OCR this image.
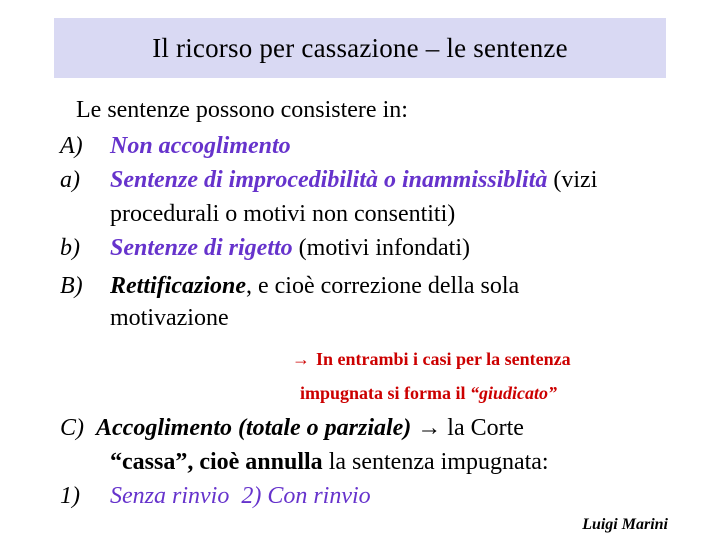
Il ricorso per cassazione – le sentenze
Le sentenze possono consistere in:
A) Non accoglimento
a) Sentenze di improcedibilità o inammissiblità (vizi
procedurali o motivi non consentiti)
b) Sentenze di rigetto (motivi infondati)
B) Rettificazione, e cioè correzione della sola
motivazione
→ In entrambi i casi per la sentenza
impugnata si forma il “giudicato”
C) Accoglimento (totale o parziale) → la Corte
“cassa”, cioè annulla la sentenza impugnata:
1) Senza rinvio  2) Con rinvio
Luigi Marini
